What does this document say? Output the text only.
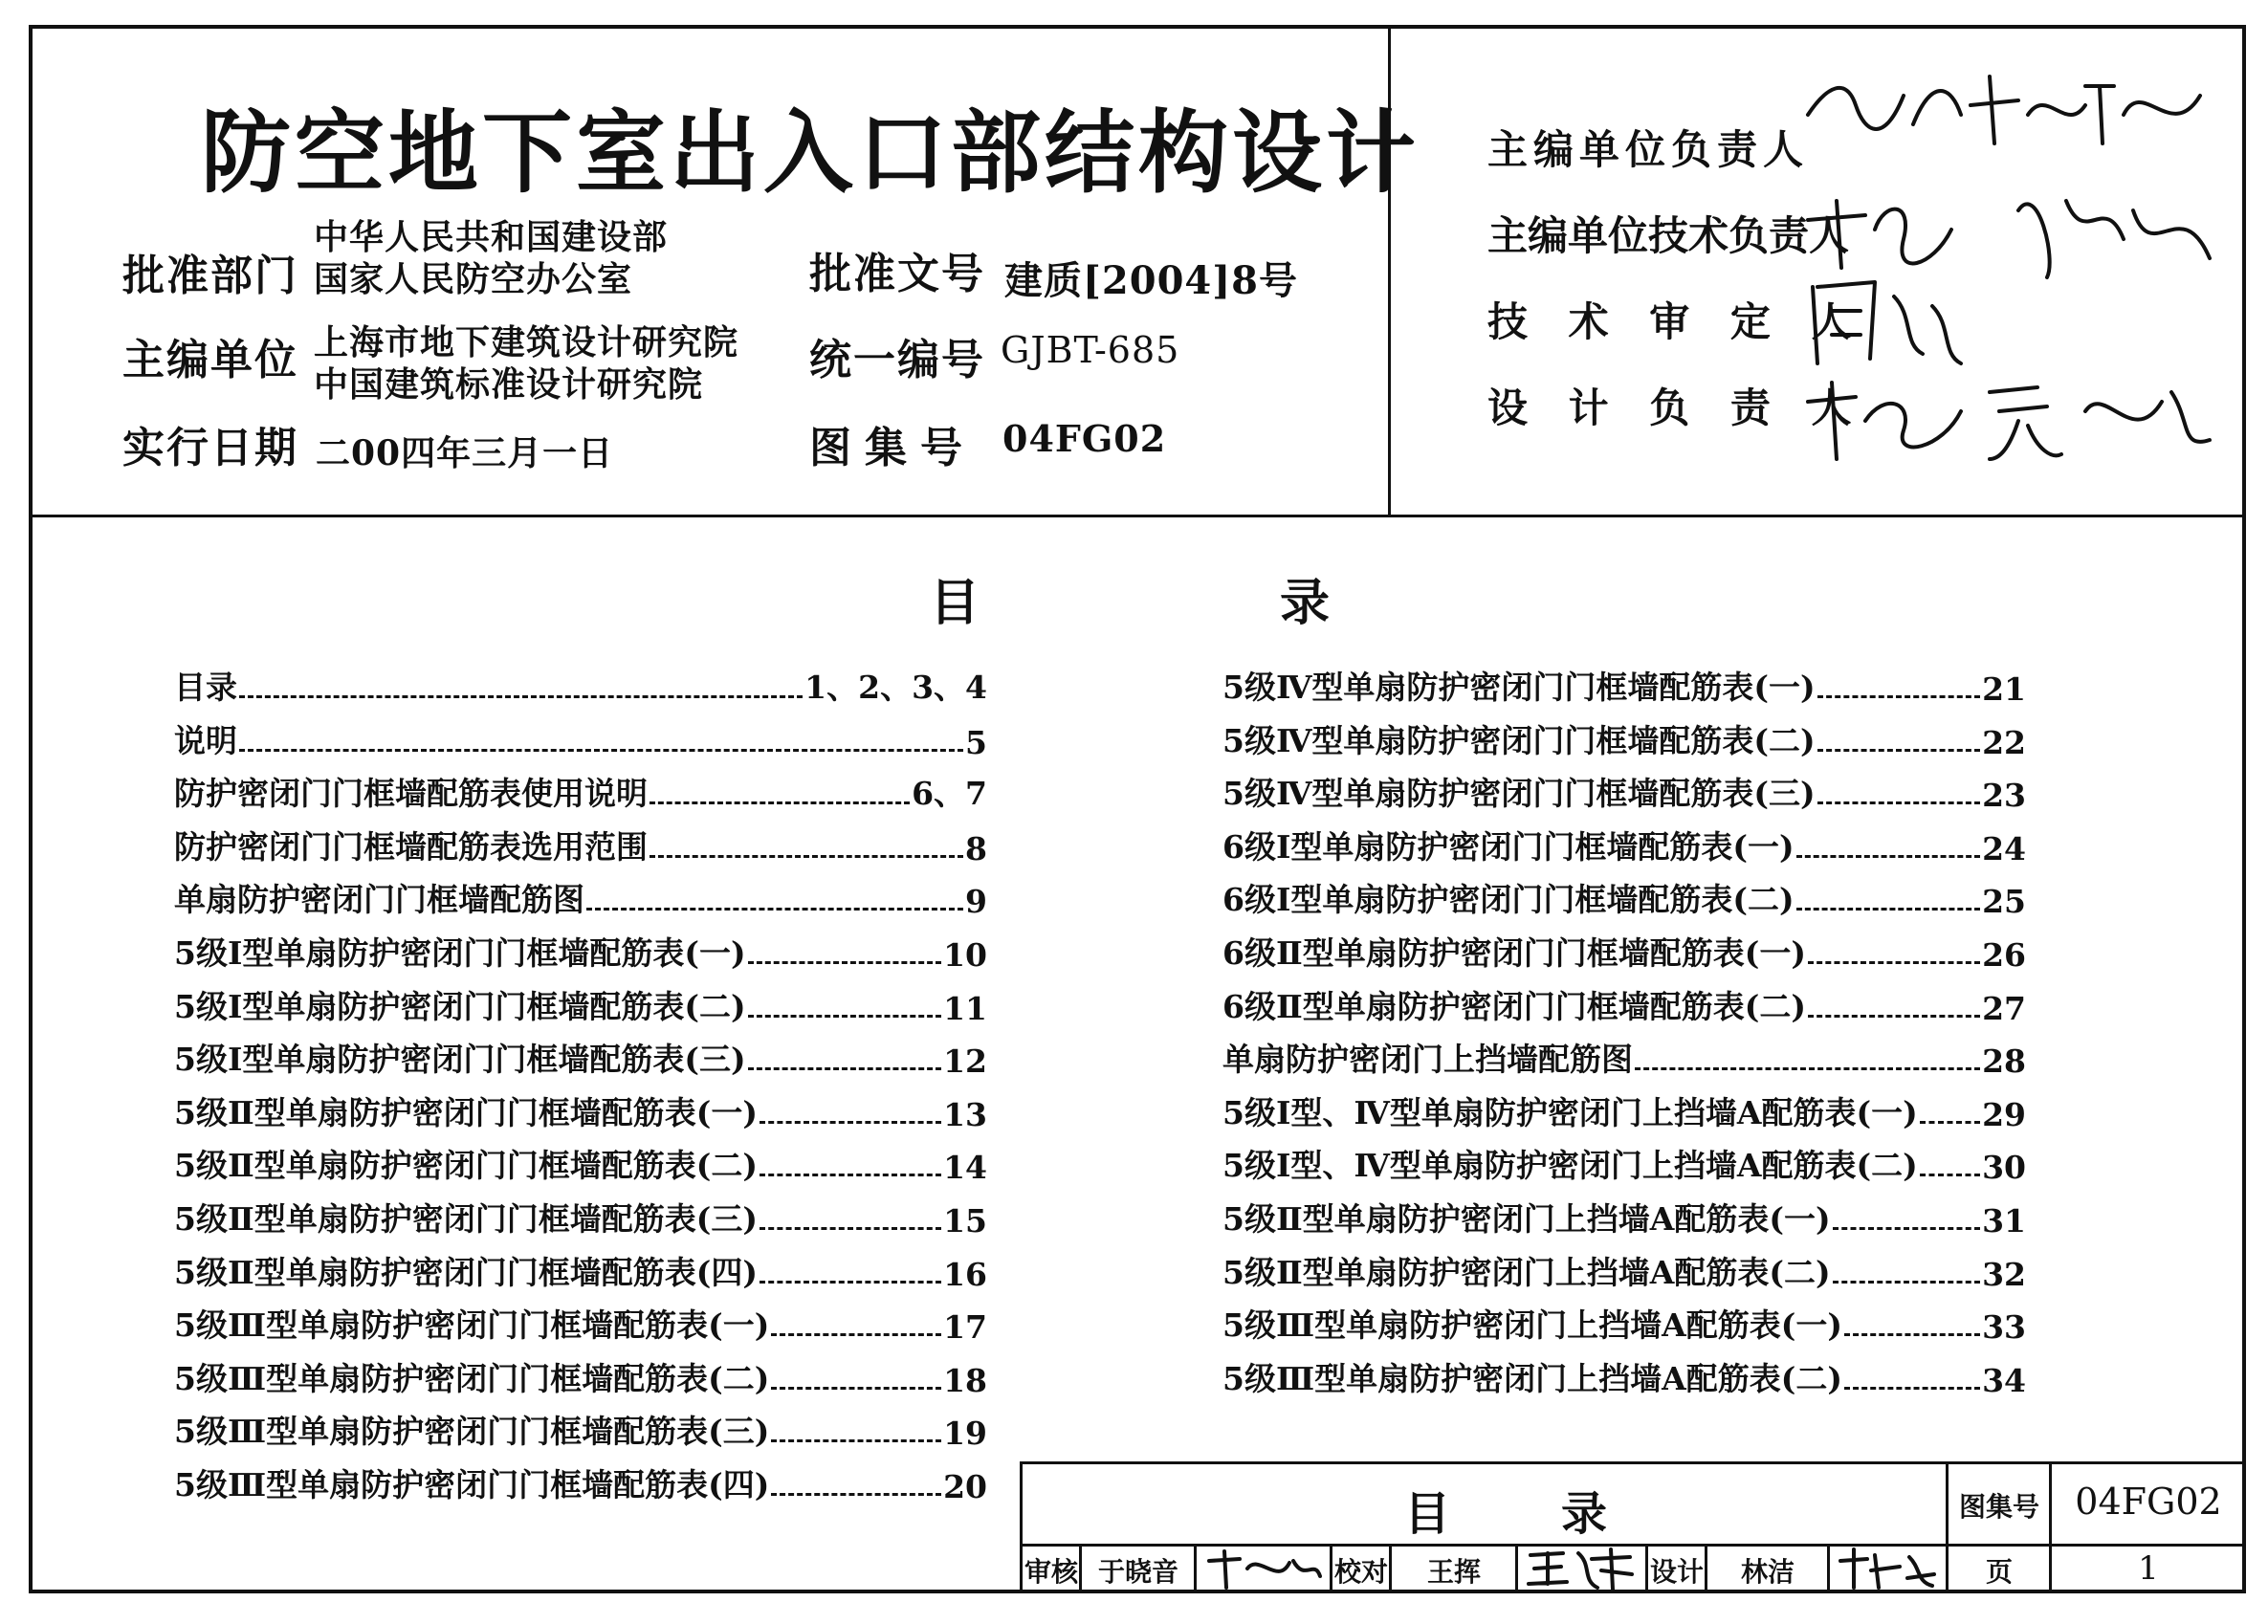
防空地下室出入口部结构设计
批准部门
中华人民共和国建设部
国家人民防空办公室
主编单位 上海市地下建筑设计研究院
中国建筑标准设计研究院
实行日期 二00四年三月一日
批准文号 建质[2004]8号
统一编号 GJBT-685
图集号 04FG02
主编单位负责人
主编单位技术负责人
技 术 审 定 人
设 计 负 责 人
目	录
目录	1、2、3、4
说明	5
防护密闭门门框墙配筋表使用说明	6、7
防护密闭门门框墙配筋表选用范围	8
单扇防护密闭门门框墙配筋图	9
5级Ⅰ型单扇防护密闭门门框墙配筋表(一)	10
5级Ⅰ型单扇防护密闭门门框墙配筋表(二)	11
5级Ⅰ型单扇防护密闭门门框墙配筋表(三)	12
5级Ⅱ型单扇防护密闭门门框墙配筋表(一)	13
5级Ⅱ型单扇防护密闭门门框墙配筋表(二)	14
5级Ⅱ型单扇防护密闭门门框墙配筋表(三)	15
5级Ⅱ型单扇防护密闭门门框墙配筋表(四)	16
5级Ⅲ型单扇防护密闭门门框墙配筋表(一)	17
5级Ⅲ型单扇防护密闭门门框墙配筋表(二)	18
5级Ⅲ型单扇防护密闭门门框墙配筋表(三)	19
5级Ⅲ型单扇防护密闭门门框墙配筋表(四)	20
5级Ⅳ型单扇防护密闭门门框墙配筋表(一)	21
5级Ⅳ型单扇防护密闭门门框墙配筋表(二)	22
5级Ⅳ型单扇防护密闭门门框墙配筋表(三)	23
6级Ⅰ型单扇防护密闭门门框墙配筋表(一)	24
6级Ⅰ型单扇防护密闭门门框墙配筋表(二)	25
6级Ⅱ型单扇防护密闭门门框墙配筋表(一)	26
6级Ⅱ型单扇防护密闭门门框墙配筋表(二)	27
单扇防护密闭门上挡墙配筋图	28
5级Ⅰ型、Ⅳ型单扇防护密闭门上挡墙A配筋表(一) 29
5级Ⅰ型、Ⅳ型单扇防护密闭门上挡墙A配筋表(二) 30
5级Ⅱ型单扇防护密闭门上挡墙A配筋表(一)	31
5级Ⅱ型单扇防护密闭门上挡墙A配筋表(二)	32
5级Ⅲ型单扇防护密闭门上挡墙A配筋表(一)	33
5级Ⅲ型单扇防护密闭门上挡墙A配筋表(二)	34
目 录	图集号 04FG02
审核 于晓音	校对	王挥	设计	林洁	页	1
